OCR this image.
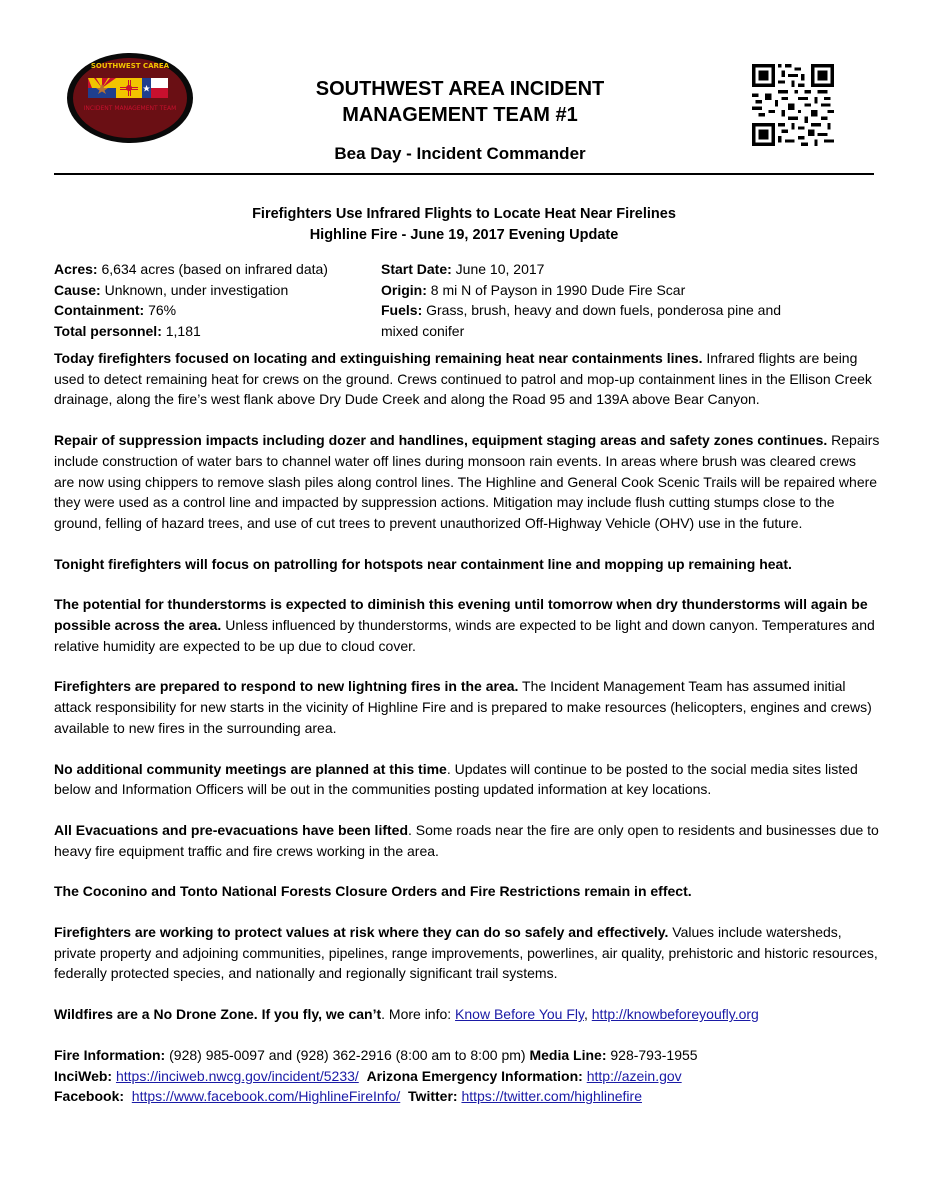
SOUTHWEST CAREA
INCIDENT MANAGEMENT TEAM
SOUTHWEST AREA INCIDENT
MANAGEMENT TEAM #1
Bea Day - Incident Commander
Firefighters Use Infrared Flights to Locate Heat Near Firelines
Highline Fire - June 19, 2017 Evening Update
Acres: 6,634 acres (based on infrared data)
Cause: Unknown, under investigation
Containment: 76%
Total personnel: 1,181
Start Date: June 10, 2017
Origin: 8 mi N of Payson in 1990 Dude Fire Scar
Fuels: Grass, brush, heavy and down fuels, ponderosa pine and mixed conifer

Today firefighters focused on locating and extinguishing remaining heat near containments lines. Infrared flights are being used to detect remaining heat for crews on the ground. Crews continued to patrol and mop-up containment lines in the Ellison Creek drainage, along the fire’s west flank above Dry Dude Creek and along the Road 95 and 139A above Bear Canyon.

Repair of suppression impacts including dozer and handlines, equipment staging areas and safety zones continues. Repairs include construction of water bars to channel water off lines during monsoon rain events. In areas where brush was cleared crews are now using chippers to remove slash piles along control lines. The Highline and General Cook Scenic Trails will be repaired where they were used as a control line and impacted by suppression actions. Mitigation may include flush cutting stumps close to the ground, felling of hazard trees, and use of cut trees to prevent unauthorized Off-Highway Vehicle (OHV) use in the future.

Tonight firefighters will focus on patrolling for hotspots near containment line and mopping up remaining heat.

The potential for thunderstorms is expected to diminish this evening until tomorrow when dry thunderstorms will again be possible across the area. Unless influenced by thunderstorms, winds are expected to be light and down canyon. Temperatures and relative humidity are expected to be up due to cloud cover.

Firefighters are prepared to respond to new lightning fires in the area. The Incident Management Team has assumed initial attack responsibility for new starts in the vicinity of Highline Fire and is prepared to make resources (helicopters, engines and crews) available to new fires in the surrounding area.

No additional community meetings are planned at this time. Updates will continue to be posted to the social media sites listed below and Information Officers will be out in the communities posting updated information at key locations.

All Evacuations and pre-evacuations have been lifted. Some roads near the fire are only open to residents and businesses due to heavy fire equipment traffic and fire crews working in the area.

The Coconino and Tonto National Forests Closure Orders and Fire Restrictions remain in effect.

Firefighters are working to protect values at risk where they can do so safely and effectively. Values include watersheds, private property and adjoining communities, pipelines, range improvements, powerlines, air quality, prehistoric and historic resources, federally protected species, and nationally and regionally significant trail systems.

Wildfires are a No Drone Zone. If you fly, we can’t. More info: Know Before You Fly, http://knowbeforeyoufly.org

Fire Information: (928) 985-0097 and (928) 362-2916 (8:00 am to 8:00 pm) Media Line: 928-793-1955

InciWeb: https://inciweb.nwcg.gov/incident/5233/ Arizona Emergency Information: http://azein.gov

Facebook: https://www.facebook.com/HighlineFireInfo/ Twitter: https://twitter.com/highlinefire
